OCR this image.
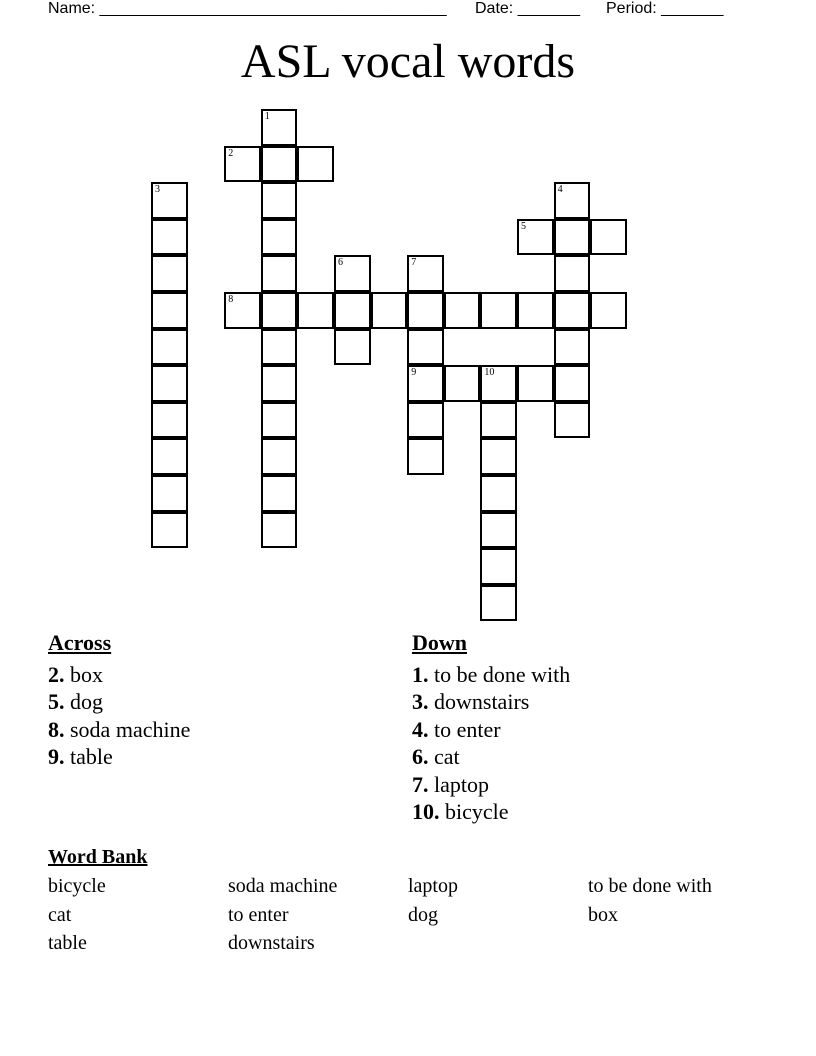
Name: _______________________________________ Date: _______ Period: _______
ASL vocal words
1
2
3	4
5
6	7
8
9	10
Across
2. box
5. dog
8. soda machine
9. table
Down
1. to be done with
3. downstairs
4. to enter
6. cat
7. laptop
10. bicycle
Word Bank
bicycle	soda machine	laptop	to be done with
cat	to enter	dog	box
table	downstairs
